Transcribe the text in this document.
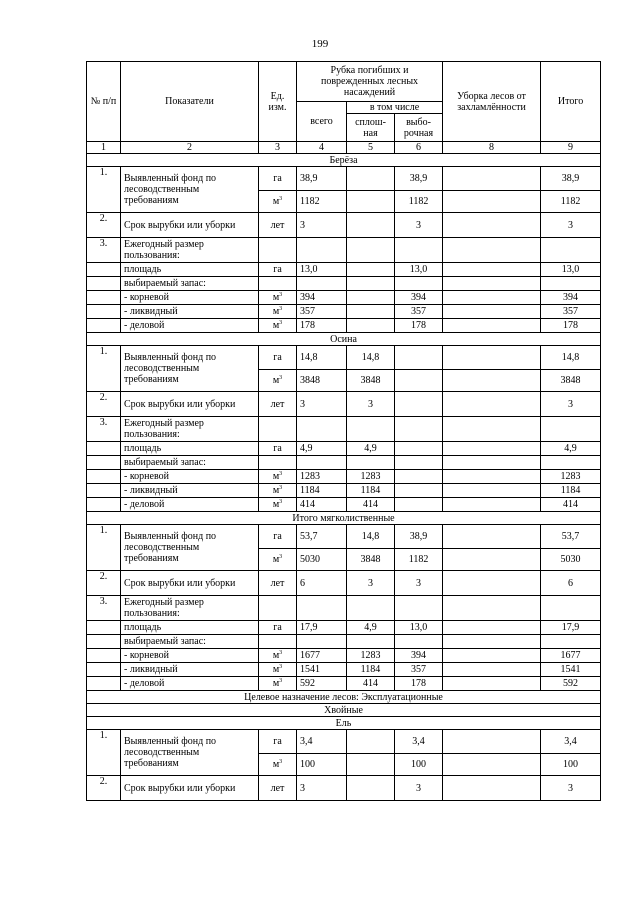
199
№ п/п	Показатели	Ед. изм.	Рубка погибших и поврежденных лесных насаждений			Уборка лесов от захламлённости	Итого
			всего	в том числе			
				сплош-ная	выбо-рочная		
1	2	3	4	5	6	8	9
Берёза							
1.	Выявленный фонд по лесоводственным требованиям	га	38,9		38,9		38,9
		$м^3$	1182		1182		1182
2.	Срок вырубки или уборки	лет	3		3		3
3.	Ежегодный размер пользования:						
	площадь	га	13,0		13,0		13,0
	выбираемый запас:						
	- корневой	$м^3$	394		394		394
	- ликвидный	$м^3$	357		357		357
	- деловой	$м^3$	178		178		178
Осина							
1.	Выявленный фонд по лесоводственным требованиям	га	14,8	14,8			14,8
		$м^3$	3848	3848			3848
2.	Срок вырубки или уборки	лет	3	3			3
3.	Ежегодный размер пользования:						
	площадь	га	4,9	4,9			4,9
	выбираемый запас:						
	- корневой	$м^3$	1283	1283			1283
	- ликвидный	$м^3$	1184	1184			1184
	- деловой	$м^3$	414	414			414
Итого мягколиственные							
1.	Выявленный фонд по лесоводственным требованиям	га	53,7	14,8	38,9		53,7
		$м^3$	5030	3848	1182		5030
2.	Срок вырубки или уборки	лет	6	3	3		6
3.	Ежегодный размер пользования:						
	площадь	га	17,9	4,9	13,0		17,9
	выбираемый запас:						
	- корневой	$м^3$	1677	1283	394		1677
	- ликвидный	$м^3$	1541	1184	357		1541
	- деловой	$м^3$	592	414	178		592
Целевое назначение лесов: Эксплуатационные							
Хвойные							
Ель							
1.	Выявленный фонд по лесоводственным требованиям	га	3,4		3,4		3,4
		$м^3$	100		100		100
2.	Срок вырубки или уборки	лет	3		3		3
